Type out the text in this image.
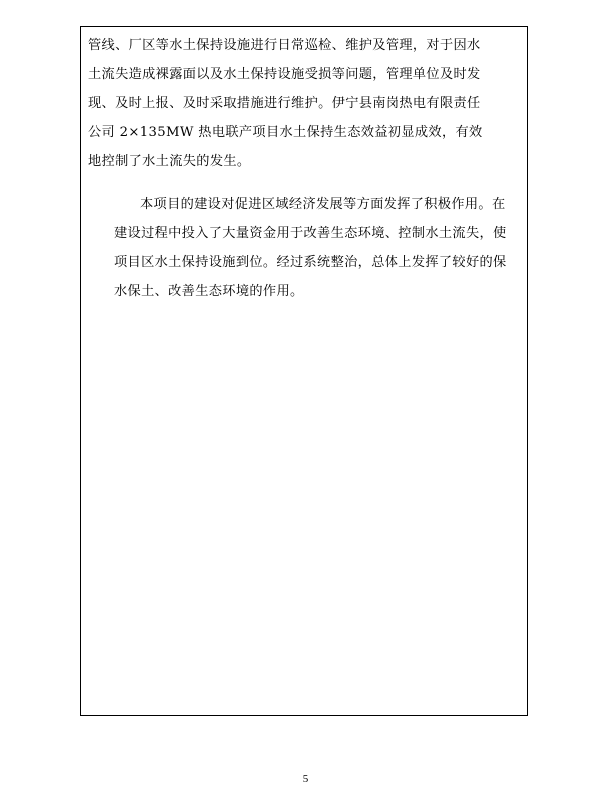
管线、厂区等水土保持设施进行日常巡检、维护及管理，对于因水
土流失造成裸露面以及水土保持设施受损等问题，管理单位及时发
现、及时上报、及时采取措施进行维护。伊宁县南岗热电有限责任
公司 2×135MW 热电联产项目水土保持生态效益初显成效，有效
地控制了水土流失的发生。
本项目的建设对促进区域经济发展等方面发挥了积极作用。在
建设过程中投入了大量资金用于改善生态环境、控制水土流失，使
项目区水土保持设施到位。经过系统整治，总体上发挥了较好的保
水保土、改善生态环境的作用。
5
